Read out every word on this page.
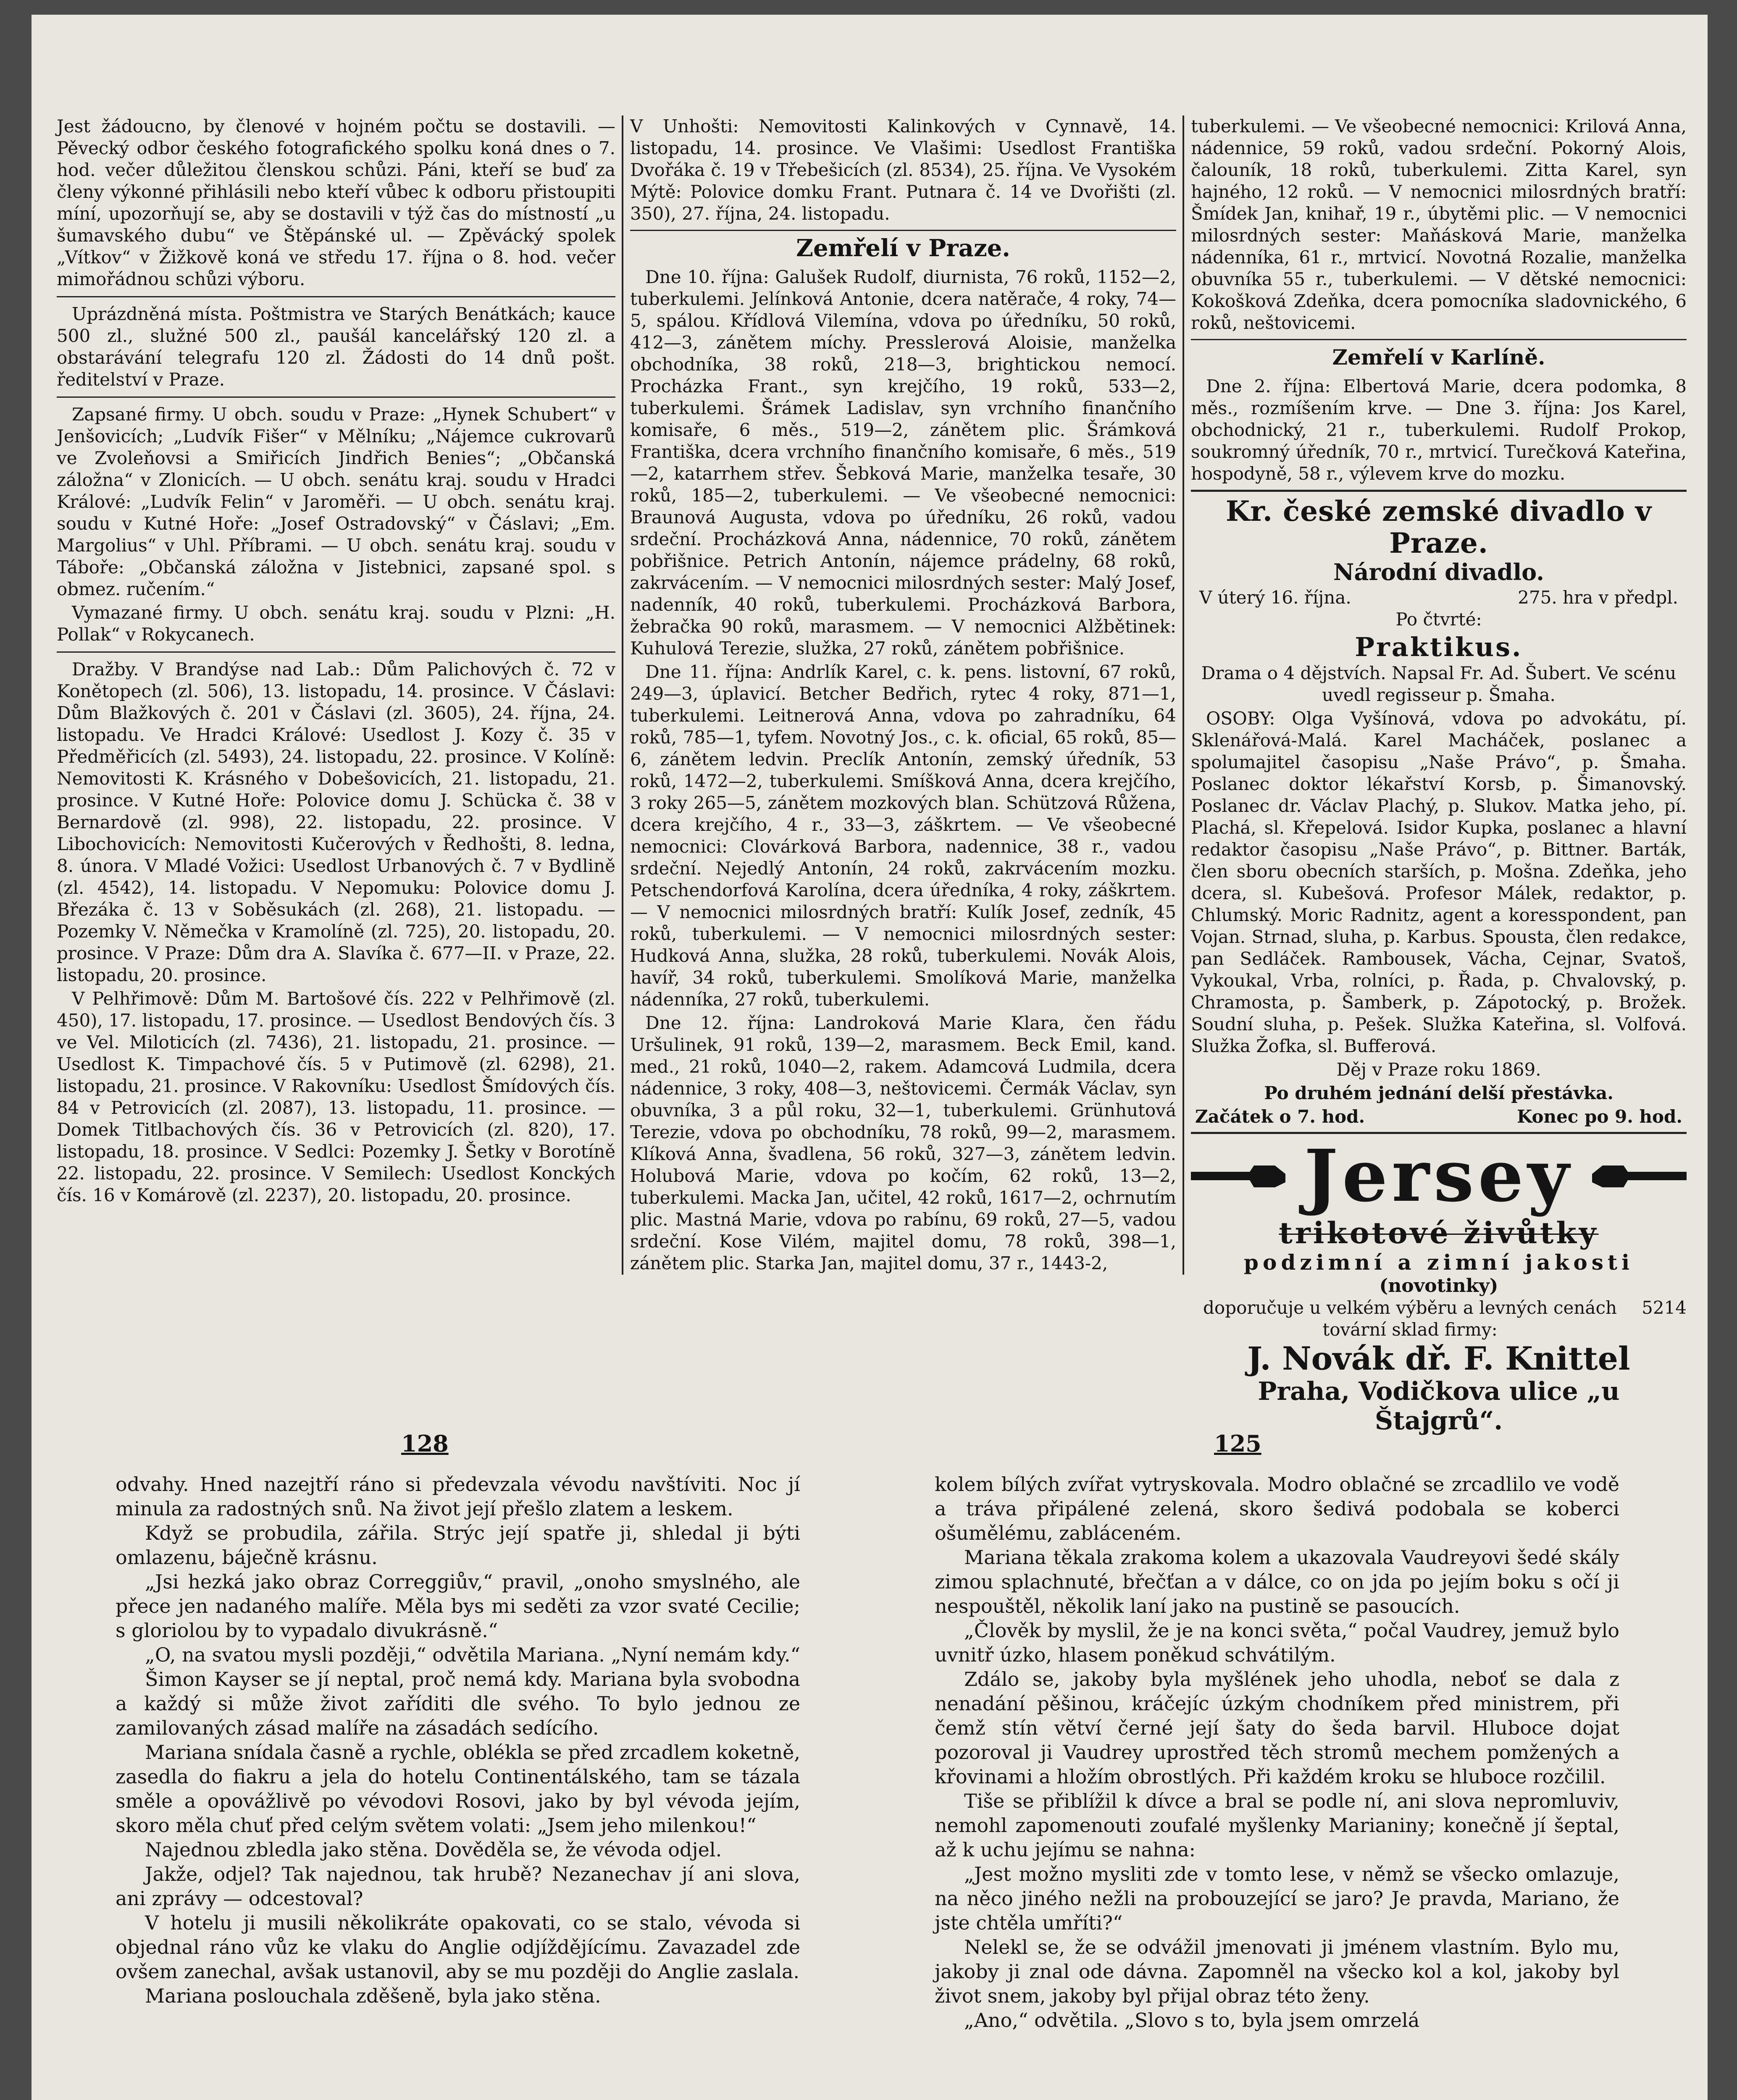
Jest žádoucno, by členové v hojném počtu se dostavili. — Pěvecký odbor českého fotografického spolku koná dnes o 7. hod. večer důležitou členskou schůzi. Páni, kteří se buď za členy výkonné přihlásili nebo kteří vůbec k odboru přistoupiti míní, upozorňují se, aby se dostavili v týž čas do místností „u šumavského dubu“ ve Štěpánské ul. — Zpěvácký spolek „Vítkov“ v Žižkově koná ve středu 17. října o 8. hod. večer mimořádnou schůzi výboru.

Uprázdněná místa. Poštmistra ve Starých Benátkách; kauce 500 zl., služné 500 zl., paušál kancelářský 120 zl. a obstarávání telegrafu 120 zl. Žádosti do 14 dnů pošt. ředitelství v Praze.

Zapsané firmy. U obch. soudu v Praze: „Hynek Schubert“ v Jenšovicích; „Ludvík Fišer“ v Mělníku; „Nájemce cukrovarů ve Zvoleňovsi a Smiřicích Jindřich Benies“; „Občanská záložna“ v Zlonicích. — U obch. senátu kraj. soudu v Hradci Králové: „Ludvík Felin“ v Jaroměři. — U obch. senátu kraj. soudu v Kutné Hoře: „Josef Ostradovský“ v Čáslavi; „Em. Margolius“ v Uhl. Příbrami. — U obch. senátu kraj. soudu v Táboře: „Občanská záložna v Jistebnici, zapsané spol. s obmez. ručením.“

Vymazané firmy. U obch. senátu kraj. soudu v Plzni: „H. Pollak“ v Rokycanech.

Dražby. V Brandýse nad Lab.: Dům Palichových č. 72 v Konětopech (zl. 506), 13. listopadu, 14. prosince. V Čáslavi: Dům Blažkových č. 201 v Čáslavi (zl. 3605), 24. října, 24. listopadu. Ve Hradci Králové: Usedlost J. Kozy č. 35 v Předměřicích (zl. 5493), 24. listopadu, 22. prosince. V Kolíně: Nemovitosti K. Krásného v Dobešovicích, 21. listopadu, 21. prosince. V Kutné Hoře: Polovice domu J. Schücka č. 38 v Bernardově (zl. 998), 22. listopadu, 22. prosince. V Libochovicích: Nemovitosti Kučerových v Ředhošti, 8. ledna, 8. února. V Mladé Vožici: Usedlost Urbanových č. 7 v Bydlině (zl. 4542), 14. listopadu. V Nepomuku: Polovice domu J. Březáka č. 13 v Soběsukách (zl. 268), 21. listopadu. — Pozemky V. Němečka v Kramolíně (zl. 725), 20. listopadu, 20. prosince. V Praze: Dům dra A. Slavíka č. 677—II. v Praze, 22. listopadu, 20. prosince.

V Pelhřimově: Dům M. Bartošové čís. 222 v Pelhřimově (zl. 450), 17. listopadu, 17. prosince. — Usedlost Bendových čís. 3 ve Vel. Miloticích (zl. 7436), 21. listopadu, 21. prosince. — Usedlost K. Timpachové čís. 5 v Putimově (zl. 6298), 21. listopadu, 21. prosince. V Rakovníku: Usedlost Šmídových čís. 84 v Petrovicích (zl. 2087), 13. listopadu, 11. prosince. — Domek Titlbachových čís. 36 v Petrovicích (zl. 820), 17. listopadu, 18. prosince. V Sedlci: Pozemky J. Šetky v Borotíně 22. listopadu, 22. prosince. V Semilech: Usedlost Konckých čís. 16 v Komárově (zl. 2237), 20. listopadu, 20. prosince.

V Unhošti: Nemovitosti Kalinkových v Cynnavě, 14. listopadu, 14. prosince. Ve Vlašimi: Usedlost Františka Dvořáka č. 19 v Třebešicích (zl. 8534), 25. října. Ve Vysokém Mýtě: Polovice domku Frant. Putnara č. 14 ve Dvořišti (zl. 350), 27. října, 24. listopadu.

Zemřelí v Praze.

Dne 10. října: Galušek Rudolf, diurnista, 76 roků, 1152—2, tuberkulemi. Jelínková Antonie, dcera natěrače, 4 roky, 74—5, spálou. Křídlová Vilemína, vdova po úředníku, 50 roků, 412—3, zánětem míchy. Presslerová Aloisie, manželka obchodníka, 38 roků, 218—3, brightickou nemocí. Procházka Frant., syn krejčího, 19 roků, 533—2, tuberkulemi. Šrámek Ladislav, syn vrchního finančního komisaře, 6 měs., 519—2, zánětem plic. Šrámková Františka, dcera vrchního finančního komisaře, 6 měs., 519—2, katarrhem střev. Šebková Marie, manželka tesaře, 30 roků, 185—2, tuberkulemi. — Ve všeobecné nemocnici: Braunová Augusta, vdova po úředníku, 26 roků, vadou srdeční. Procházková Anna, nádennice, 70 roků, zánětem pobřišnice. Petrich Antonín, nájemce prádelny, 68 roků, zakrvácením. — V nemocnici milosrdných sester: Malý Josef, nadenník, 40 roků, tuberkulemi. Procházková Barbora, žebračka 90 roků, marasmem. — V nemocnici Alžbětinek: Kuhulová Terezie, služka, 27 roků, zánětem pobřišnice.

Dne 11. října: Andrlík Karel, c. k. pens. listovní, 67 roků, 249—3, úplavicí. Betcher Bedřich, rytec 4 roky, 871—1, tuberkulemi. Leitnerová Anna, vdova po zahradníku, 64 roků, 785—1, tyfem. Novotný Jos., c. k. oficial, 65 roků, 85—6, zánětem ledvin. Preclík Antonín, zemský úředník, 53 roků, 1472—2, tuberkulemi. Smíšková Anna, dcera krejčího, 3 roky 265—5, zánětem mozkových blan. Schützová Růžena, dcera krejčího, 4 r., 33—3, záškrtem. — Ve všeobecné nemocnici: Clovárková Barbora, nadennice, 38 r., vadou srdeční. Nejedlý Antonín, 24 roků, zakrvácením mozku. Petschendorfová Karolína, dcera úředníka, 4 roky, záškrtem. — V nemocnici milosrdných bratří: Kulík Josef, zedník, 45 roků, tuberkulemi. — V nemocnici milosrdných sester: Hudková Anna, služka, 28 roků, tuberkulemi. Novák Alois, havíř, 34 roků, tuberkulemi. Smolíková Marie, manželka nádenníka, 27 roků, tuberkulemi.

Dne 12. října: Landroková Marie Klara, čen řádu Uršulinek, 91 roků, 139—2, marasmem. Beck Emil, kand. med., 21 roků, 1040—2, rakem. Adamcová Ludmila, dcera nádennice, 3 roky, 408—3, neštovicemi. Čermák Václav, syn obuvníka, 3 a půl roku, 32—1, tuberkulemi. Grünhutová Terezie, vdova po obchodníku, 78 roků, 99—2, marasmem. Klíková Anna, švadlena, 56 roků, 327—3, zánětem ledvin. Holubová Marie, vdova po kočím, 62 roků, 13—2, tuberkulemi. Macka Jan, učitel, 42 roků, 1617—2, ochrnutím plic. Mastná Marie, vdova po rabínu, 69 roků, 27—5, vadou srdeční. Kose Vilém, majitel domu, 78 roků, 398—1, zánětem plic. Starka Jan, majitel domu, 37 r., 1443-2,

tuberkulemi. — Ve všeobecné nemocnici: Krilová Anna, nádennice, 59 roků, vadou srdeční. Pokorný Alois, čalouník, 18 roků, tuberkulemi. Zitta Karel, syn hajného, 12 roků. — V nemocnici milosrdných bratří: Šmídek Jan, knihař, 19 r., úbytěmi plic. — V nemocnici milosrdných sester: Maňásková Marie, manželka nádenníka, 61 r., mrtvicí. Novotná Rozalie, manželka obuvníka 55 r., tuberkulemi. — V dětské nemocnici: Kokošková Zdeňka, dcera pomocníka sladovnického, 6 roků, neštovicemi.

Zemřelí v Karlíně.

Dne 2. října: Elbertová Marie, dcera podomka, 8 měs., rozmíšením krve. — Dne 3. října: Jos Karel, obchodnický, 21 r., tuberkulemi. Rudolf Prokop, soukromný úředník, 70 r., mrtvicí. Turečková Kateřina, hospodyně, 58 r., výlevem krve do mozku.

Kr. české zemské divadlo v Praze.
Národní divadlo.
V úterý 16. října.	275. hra v předpl.

Po čtvrté:

Praktikus.

Drama o 4 dějstvích. Napsal Fr. Ad. Šubert. Ve scénu uvedl regisseur p. Šmaha.

OSOBY: Olga Vyšínová, vdova po advokátu, pí. Sklenářová-Malá. Karel Macháček, poslanec a spolumajitel časopisu „Naše Právo“, p. Šmaha. Poslanec doktor lékařství Korsb, p. Šimanovský. Poslanec dr. Václav Plachý, p. Slukov. Matka jeho, pí. Plachá, sl. Křepelová. Isidor Kupka, poslanec a hlavní redaktor časopisu „Naše Právo“, p. Bittner. Barták, člen sboru obecních starších, p. Mošna. Zdeňka, jeho dcera, sl. Kubešová. Profesor Málek, redaktor, p. Chlumský. Moric Radnitz, agent a koresspondent, pan Vojan. Strnad, sluha, p. Karbus. Spousta, člen redakce, pan Sedláček. Rambousek, Vácha, Cejnar, Svatoš, Vykoukal, Vrba, rolníci, p. Řada, p. Chvalovský, p. Chramosta, p. Šamberk, p. Zápotocký, p. Brožek. Soudní sluha, p. Pešek. Služka Kateřina, sl. Volfová. Služka Žofka, sl. Bufferová.

Děj v Praze roku 1869.

Po druhém jednání delší přestávka.

Začátek o 7. hod.	Konec po 9. hod.
Jersey
trikotové živůtky
podzimní a zimní jakosti
(novotinky)
doporučuje u velkém výběru a levných cenách tovární sklad firmy:
5214
J. Novák dř. F. Knittel
Praha, Vodičkova ulice „u Štajgrů“.
128	125

odvahy. Hned nazejtří ráno si předevzala vévodu navštíviti. Noc jí minula za radostných snů. Na život její přešlo zlatem a leskem.

Když se probudila, zářila. Strýc její spatře ji, shledal ji býti omlazenu, báječně krásnu.

„Jsi hezká jako obraz Correggiův,“ pravil, „onoho smyslného, ale přece jen nadaného malíře. Měla bys mi seděti za vzor svaté Cecilie; s gloriolou by to vypadalo divukrásně.“

„O, na svatou mysli později,“ odvětila Mariana. „Nyní nemám kdy.“

Šimon Kayser se jí neptal, proč nemá kdy. Mariana byla svobodna a každý si může život zaříditi dle svého. To bylo jednou ze zamilovaných zásad malíře na zásadách sedícího.

Mariana snídala časně a rychle, oblékla se před zrcadlem koketně, zasedla do fiakru a jela do hotelu Continentálského, tam se tázala směle a opovážlivě po vévodovi Rosovi, jako by byl vévoda jejím, skoro měla chuť před celým světem volati: „Jsem jeho milenkou!“

Najednou zbledla jako stěna. Dověděla se, že vévoda odjel.

Jakže, odjel? Tak najednou, tak hrubě? Nezanechav jí ani slova, ani zprávy — odcestoval?

V hotelu ji musili několikráte opakovati, co se stalo, vévoda si objednal ráno vůz ke vlaku do Anglie odjíždějícímu. Zavazadel zde ovšem zanechal, avšak ustanovil, aby se mu později do Anglie zaslala.

Mariana poslouchala zděšeně, byla jako stěna.

kolem bílých zvířat vytryskovala. Modro oblačné se zrcadlilo ve vodě a tráva připálené zelená, skoro šedivá podobala se koberci ošumělému, zabláceném.

Mariana těkala zrakoma kolem a ukazovala Vaudreyovi šedé skály zimou splachnuté, břečťan a v dálce, co on jda po jejím boku s očí ji nespouštěl, několik laní jako na pustině se pasoucích.

„Člověk by myslil, že je na konci světa,“ počal Vaudrey, jemuž bylo uvnitř úzko, hlasem poněkud schvátilým.

Zdálo se, jakoby byla myšlének jeho uhodla, neboť se dala z nenadání pěšinou, kráčejíc úzkým chodníkem před ministrem, při čemž stín větví černé její šaty do šeda barvil. Hluboce dojat pozoroval ji Vaudrey uprostřed těch stromů mechem pomžených a křovinami a hložím obrostlých. Při každém kroku se hluboce rozčilil.

Tiše se přiblížil k dívce a bral se podle ní, ani slova nepromluviv, nemohl zapomenouti zoufalé myšlenky Marianiny; konečně jí šeptal, až k uchu jejímu se nahna:

„Jest možno mysliti zde v tomto lese, v němž se všecko omlazuje, na něco jiného nežli na probouzející se jaro? Je pravda, Mariano, že jste chtěla umříti?“

Nelekl se, že se odvážil jmenovati ji jménem vlastním. Bylo mu, jakoby ji znal ode dávna. Zapomněl na všecko kol a kol, jakoby byl život snem, jakoby byl přijal obraz této ženy.

„Ano,“ odvětila. „Slovo s to, byla jsem omrzelá
